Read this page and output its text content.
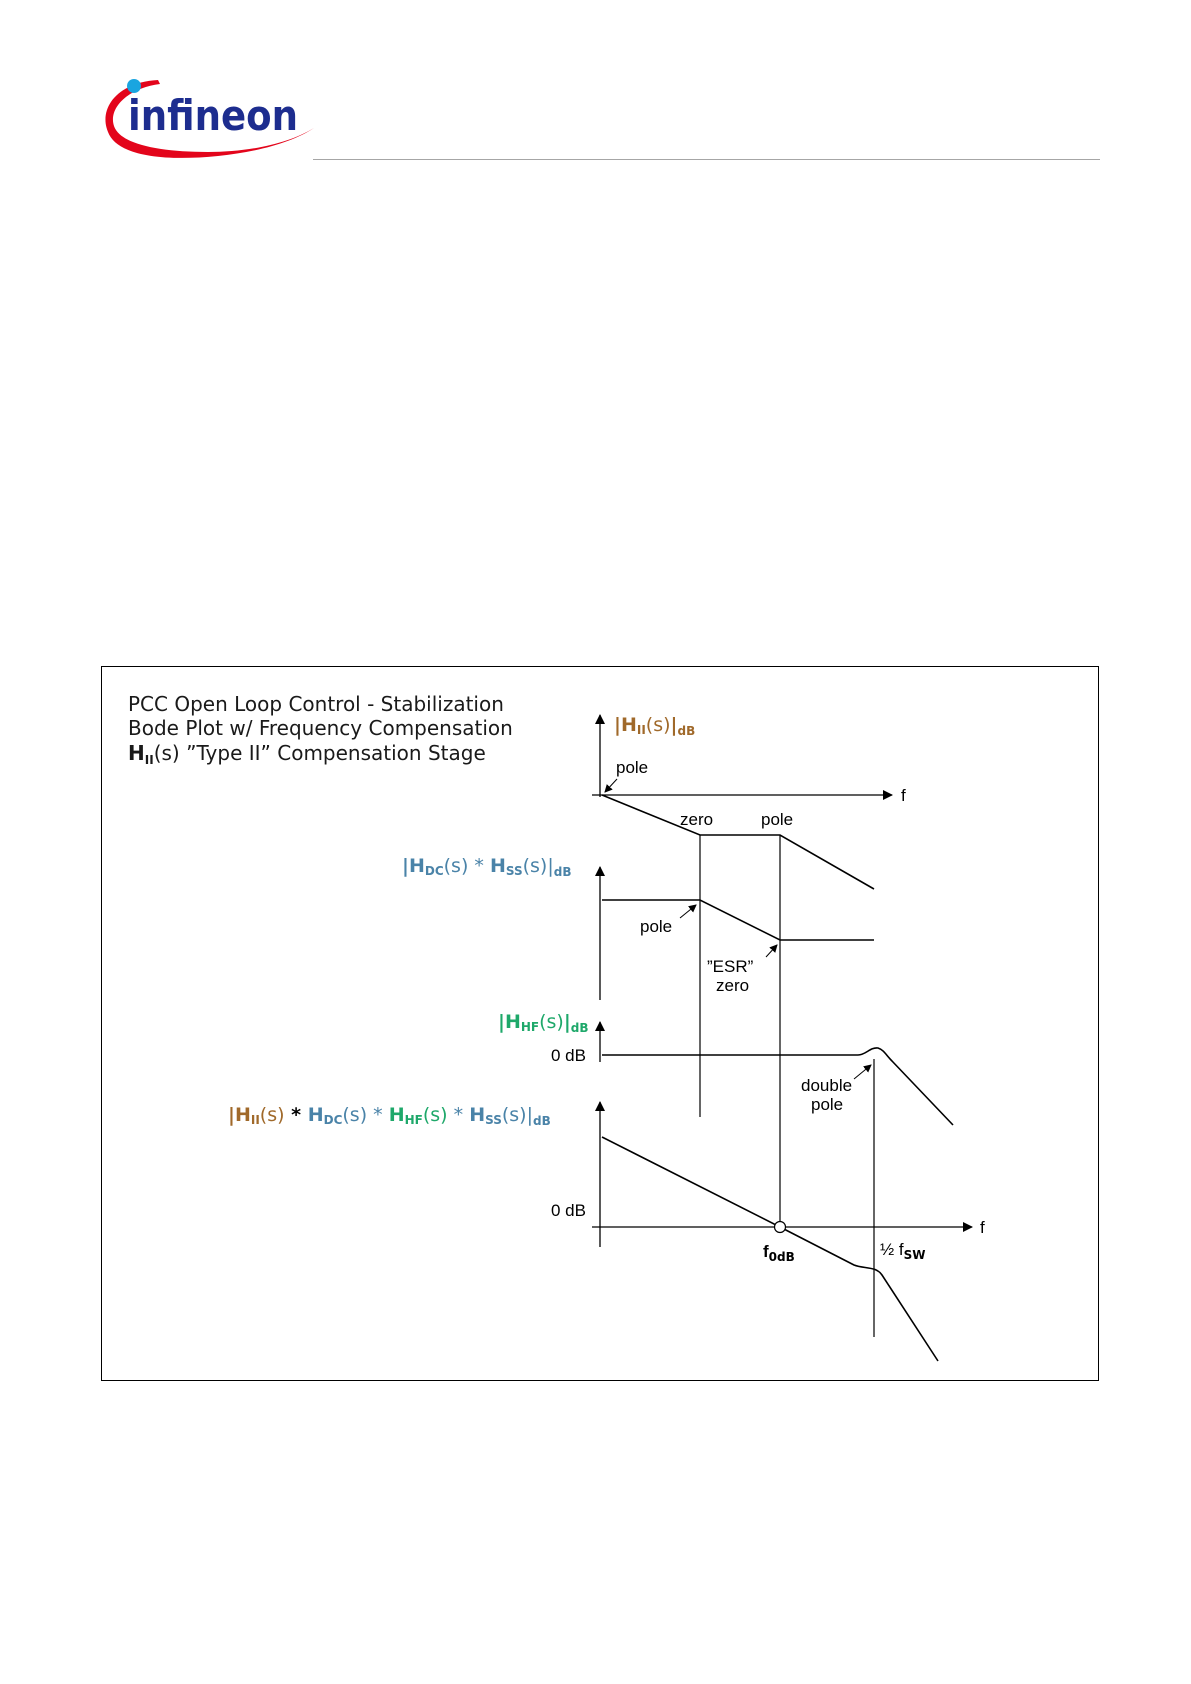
infineon
PCC Open Loop Control - Stabilization
Bode Plot w/ Frequency Compensation
$H_{II}(s)$ ”Type II” Compensation Stage
pole
zero	pole
f
pole
”ESR”
zero
0 dB
double
pole
0 dB
f
$f_{0dB}$	½ $f_{SW}$
$|HII(s)|_{dB}$
$|HDC(s) * HSS(s)|_{dB}$
$|HHF(s)|_{dB}$
$|HII(s) * HDC(s) * HHF(s) * HSS(s)|_{dB}$
